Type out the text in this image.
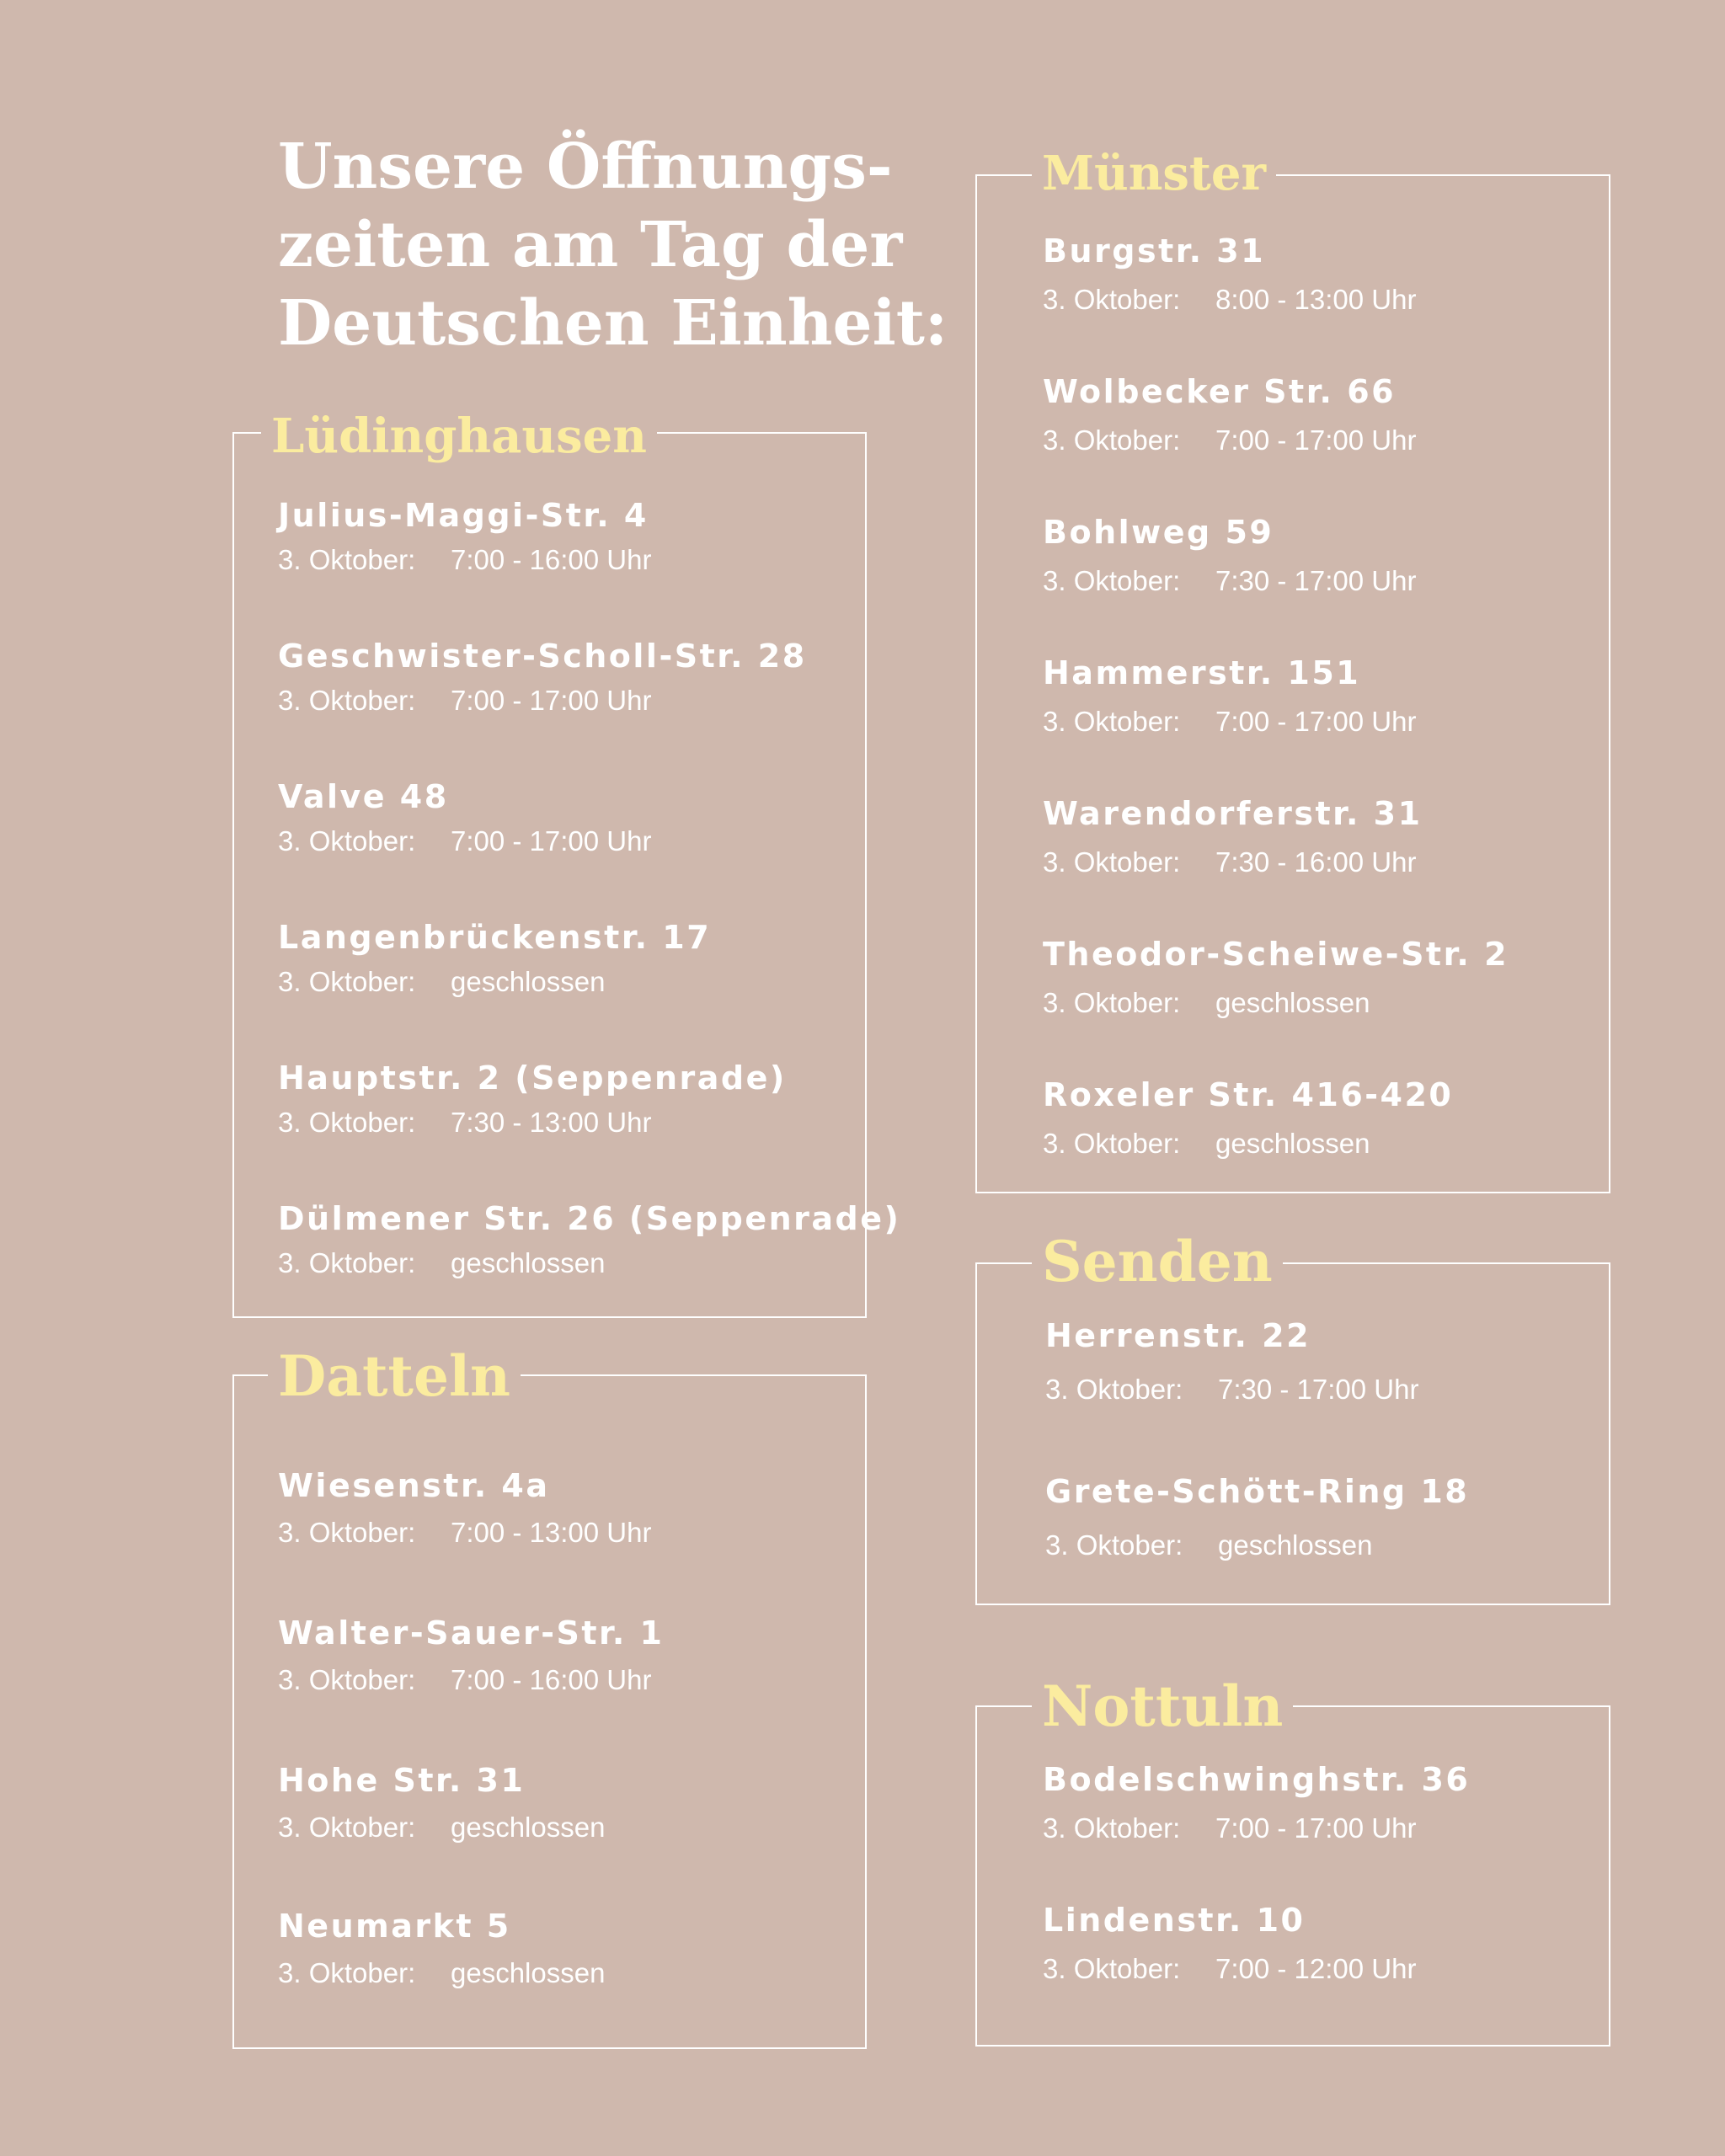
Unsere Öffnungs-
zeiten am Tag der
Deutschen Einheit:
Lüdinghausen
Julius-Maggi-Str. 4
3. Oktober: 7:00 - 16:00 Uhr
Geschwister-Scholl-Str. 28
3. Oktober: 7:00 - 17:00 Uhr
Valve 48
3. Oktober: 7:00 - 17:00 Uhr
Langenbrückenstr. 17
3. Oktober: geschlossen
Hauptstr. 2 (Seppenrade)
3. Oktober: 7:30 - 13:00 Uhr
Dülmener Str. 26 (Seppenrade)
3. Oktober: geschlossen
Datteln
Wiesenstr. 4a
3. Oktober: 7:00 - 13:00 Uhr
Walter-Sauer-Str. 1
3. Oktober: 7:00 - 16:00 Uhr
Hohe Str. 31
3. Oktober: geschlossen
Neumarkt 5
3. Oktober: geschlossen
Münster
Burgstr. 31
3. Oktober: 8:00 - 13:00 Uhr
Wolbecker Str. 66
3. Oktober: 7:00 - 17:00 Uhr
Bohlweg 59
3. Oktober: 7:30 - 17:00 Uhr
Hammerstr. 151
3. Oktober: 7:00 - 17:00 Uhr
Warendorferstr. 31
3. Oktober: 7:30 - 16:00 Uhr
Theodor-Scheiwe-Str. 2
3. Oktober: geschlossen
Roxeler Str. 416-420
3. Oktober: geschlossen
Senden
Herrenstr. 22
3. Oktober: 7:30 - 17:00 Uhr
Grete-Schött-Ring 18
3. Oktober: geschlossen
Nottuln
Bodelschwinghstr. 36
3. Oktober: 7:00 - 17:00 Uhr
Lindenstr. 10
3. Oktober: 7:00 - 12:00 Uhr
